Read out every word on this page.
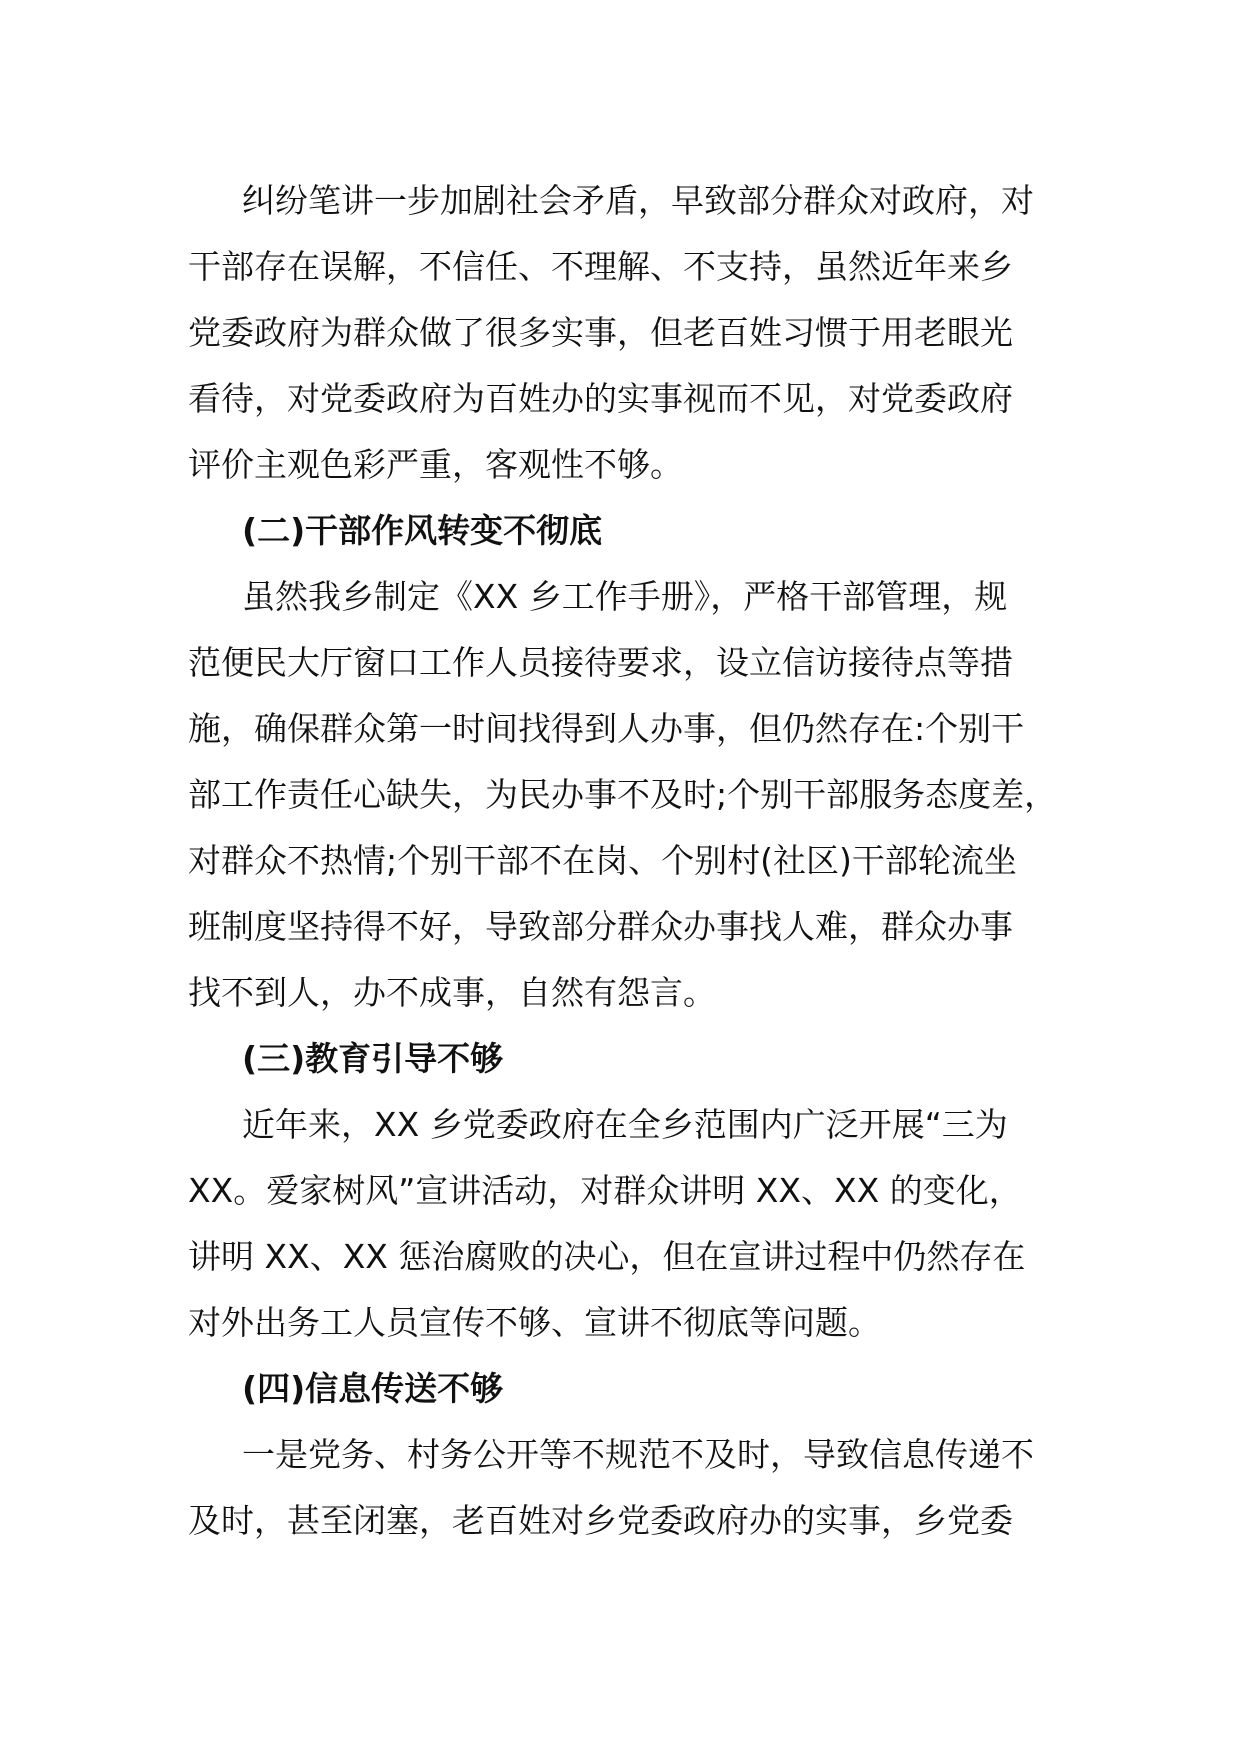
纠纷笔讲一步加剧社会矛盾，早致部分群众对政府，对
干部存在误解，不信任、不理解、不支持，虽然近年来乡
党委政府为群众做了很多实事，但老百姓习惯于用老眼光
看待，对党委政府为百姓办的实事视而不见，对党委政府
评价主观色彩严重，客观性不够。
(二)干部作风转变不彻底
虽然我乡制定《XX 乡工作手册》，严格干部管理，规
范便民大厅窗口工作人员接待要求，设立信访接待点等措
施，确保群众第一时间找得到人办事，但仍然存在:个别干
部工作责任心缺失，为民办事不及时;个别干部服务态度差，
对群众不热情;个别干部不在岗、个别村(社区)干部轮流坐
班制度坚持得不好，导致部分群众办事找人难，群众办事
找不到人，办不成事，自然有怨言。
(三)教育引导不够
近年来，XX 乡党委政府在全乡范围内广泛开展“三为
XX。爱家树风”宣讲活动，对群众讲明 XX、XX 的变化，
讲明 XX、XX 惩治腐败的决心，但在宣讲过程中仍然存在
对外出务工人员宣传不够、宣讲不彻底等问题。
(四)信息传送不够
一是党务、村务公开等不规范不及时，导致信息传递不
及时，甚至闭塞，老百姓对乡党委政府办的实事，乡党委
